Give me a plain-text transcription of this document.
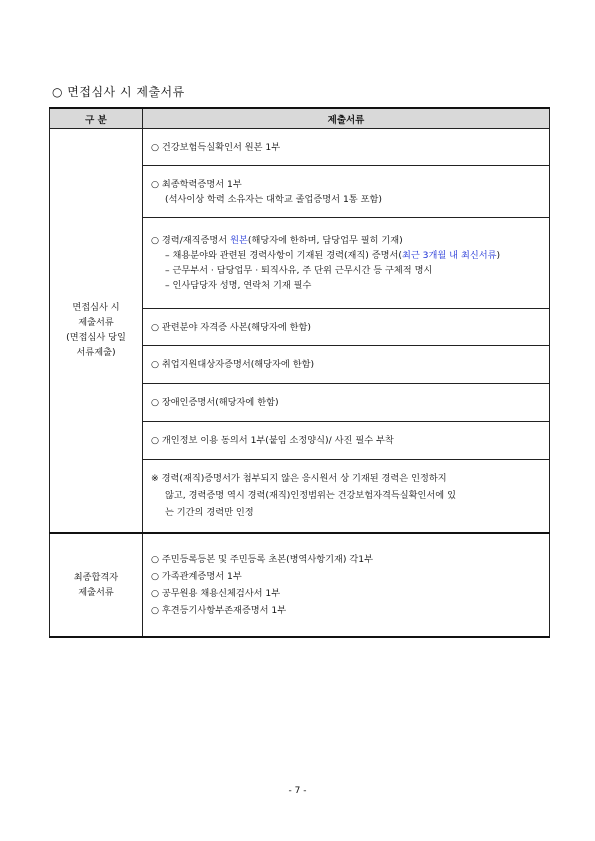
○ 면접심사 시 제출서류
구 분	제출서류

면접심사 시
제출서류
(면접심사 당일
서류제출)	○ 건강보험득실확인서 원본 1부

	○ 최종학력증명서 1부
(석사이상 학력 소유자는 대학교 졸업증명서 1통 포함)

	○ 경력/재직증명서 원본(해당자에 한하며, 담당업무 필히 기재)
– 채용분야와 관련된 경력사항이 기재된 경력(재직) 증명서(최근 3개월 내 최신서류)
– 근무부서 · 담당업무 · 퇴직사유, 주 단위 근무시간 등 구체적 명시
– 인사담당자 성명, 연락처 기재 필수

	○ 관련분야 자격증 사본(해당자에 한함)

	○ 취업지원대상자증명서(해당자에 한함)

	○ 장애인증명서(해당자에 한함)

	○ 개인정보 이용 동의서 1부(붙임 소정양식)/ 사진 필수 부착

	※ 경력(재직)증명서가 첨부되지 않은 응시원서 상 기재된 경력은 인정하지
않고, 경력증명 역시 경력(재직)인정범위는 건강보험자격득실확인서에 있
는 기간의 경력만 인정

최종합격자
제출서류	○ 주민등록등본 및 주민등록 초본(병역사항기재) 각1부
○ 가족관계증명서 1부
○ 공무원용 채용신체검사서 1부
○ 후견등기사항부존재증명서 1부
- 7 -
